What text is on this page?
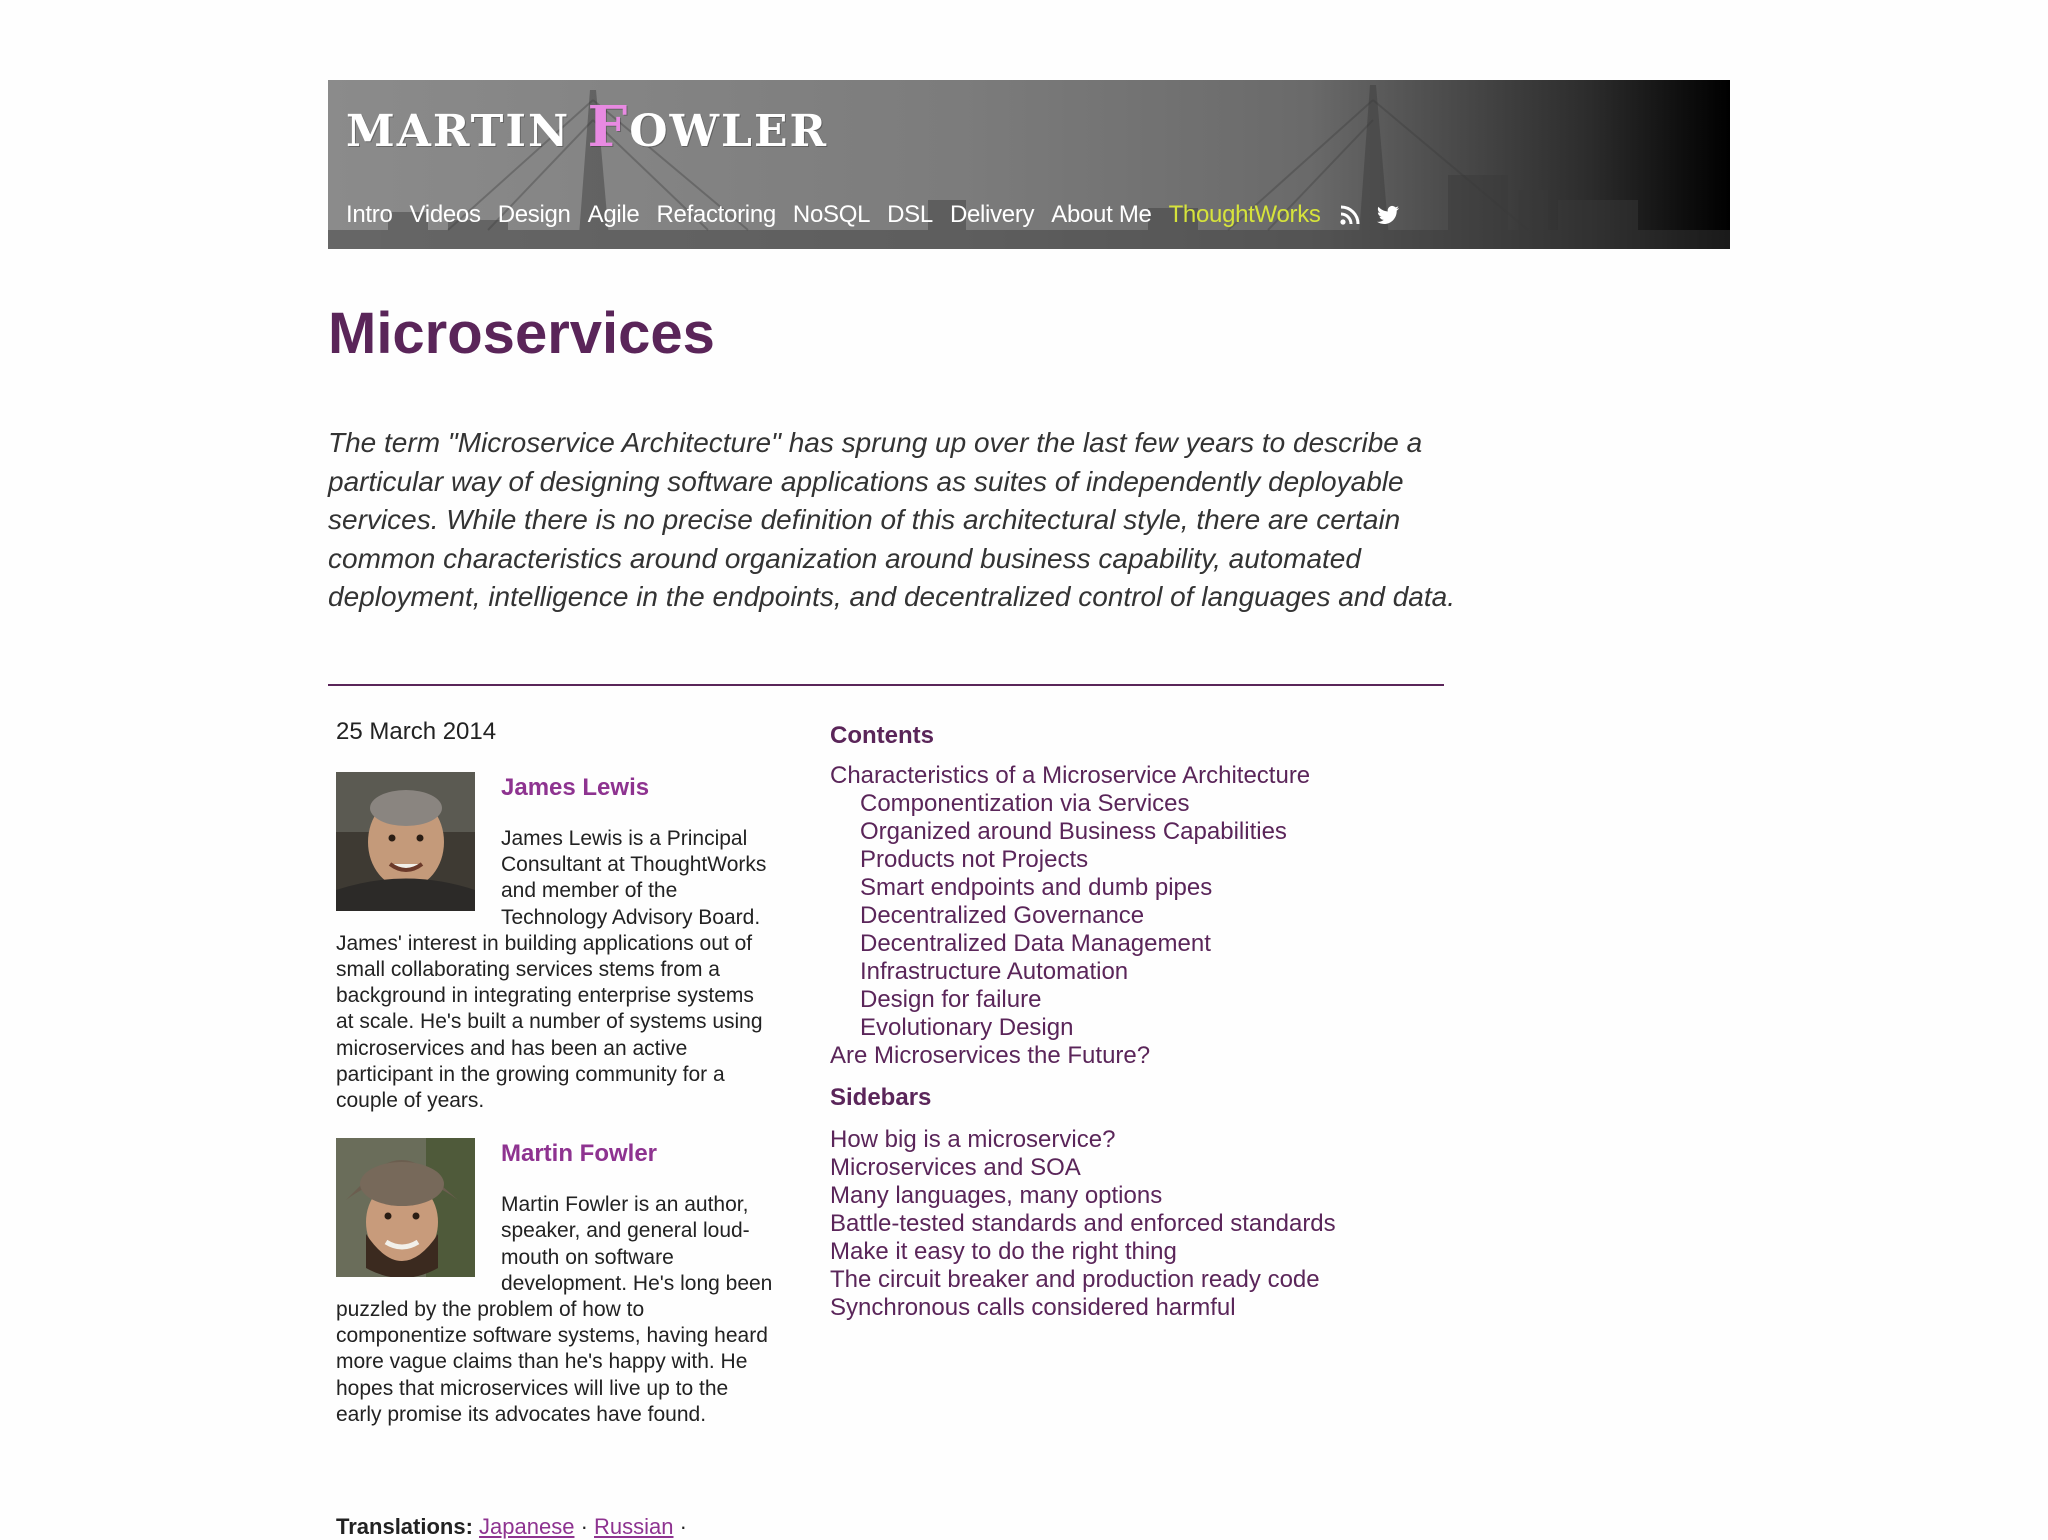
MARTIN FOWLER
Intro Videos Design Agile Refactoring NoSQL DSL Delivery About Me ThoughtWorks
Microservices

The term "Microservice Architecture" has sprung up over the last few years to describe a particular way of designing software applications as suites of independently deployable services. While there is no precise definition of this architectural style, there are certain common characteristics around organization around business capability, automated deployment, intelligence in the endpoints, and decentralized control of languages and data.

25 March 2014

James Lewis
James Lewis is a Principal Consultant at ThoughtWorks and member of the Technology Advisory Board. James' interest in building applications out of small collaborating services stems from a background in integrating enterprise systems at scale. He's built a number of systems using microservices and has been an active participant in the growing community for a couple of years.
Martin Fowler
Martin Fowler is an author, speaker, and general loud-mouth on software development. He's long been puzzled by the problem of how to componentize software systems, having heard more vague claims than he's happy with. He hopes that microservices will live up to the early promise its advocates have found.
Translations: Japanese · Russian ·
Contents
Characteristics of a Microservice Architecture
Componentization via Services
Organized around Business Capabilities
Products not Projects
Smart endpoints and dumb pipes
Decentralized Governance
Decentralized Data Management
Infrastructure Automation
Design for failure
Evolutionary Design
Are Microservices the Future?
Sidebars
How big is a microservice?
Microservices and SOA
Many languages, many options
Battle-tested standards and enforced standards
Make it easy to do the right thing
The circuit breaker and production ready code
Synchronous calls considered harmful
